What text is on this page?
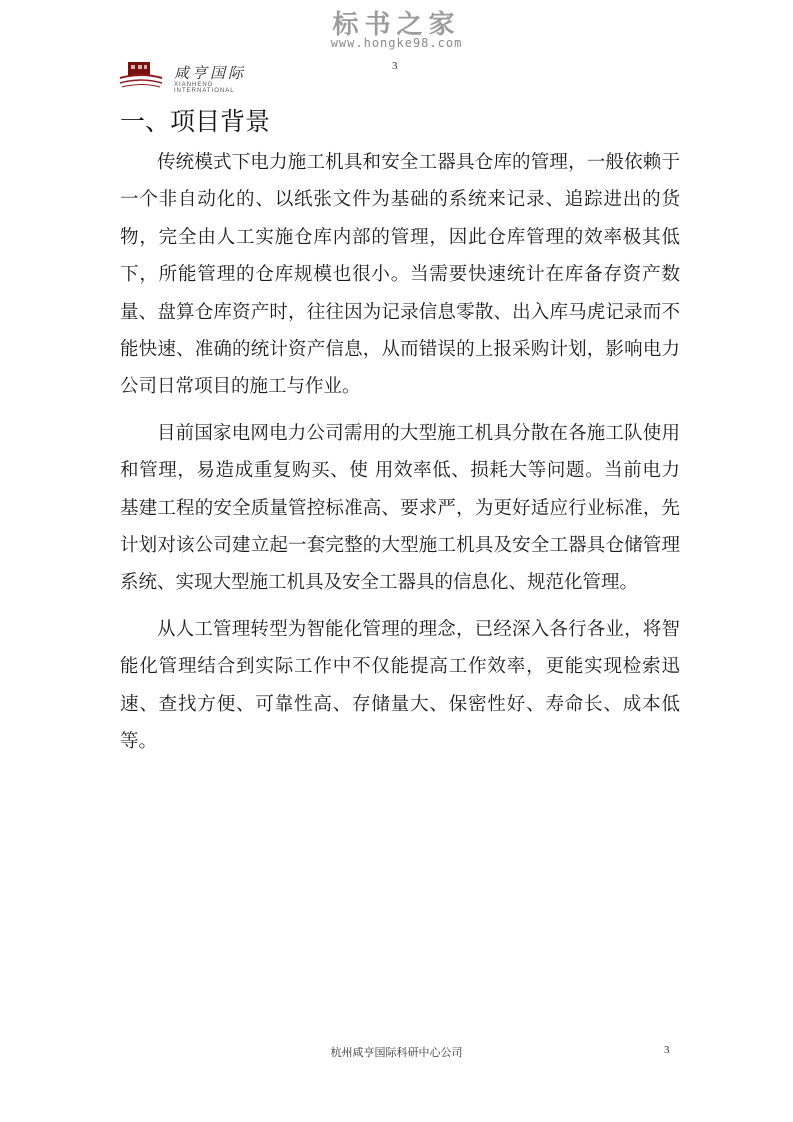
标书之家
www.hongke98.com
3
咸亨国际
XIANHENG INTERNATIONAL
一、项目背景

传统模式下电力施工机具和安全工器具仓库的管理，一般依赖于一个非自动化的、以纸张文件为基础的系统来记录、追踪进出的货物，完全由人工实施仓库内部的管理，因此仓库管理的效率极其低下，所能管理的仓库规模也很小。当需要快速统计在库备存资产数量、盘算仓库资产时，往往因为记录信息零散、出入库马虎记录而不能快速、准确的统计资产信息，从而错误的上报采购计划，影响电力公司日常项目的施工与作业。

目前国家电网电力公司需用的大型施工机具分散在各施工队使用和管理，易造成重复购买、使 用效率低、损耗大等问题。当前电力基建工程的安全质量管控标准高、要求严，为更好适应行业标准，先计划对该公司建立起一套完整的大型施工机具及安全工器具仓储管理系统、实现大型施工机具及安全工器具的信息化、规范化管理。

从人工管理转型为智能化管理的理念，已经深入各行各业，将智能化管理结合到实际工作中不仅能提高工作效率，更能实现检索迅速、查找方便、可靠性高、存储量大、保密性好、寿命长、成本低等。

杭州咸亨国际科研中心公司	3
